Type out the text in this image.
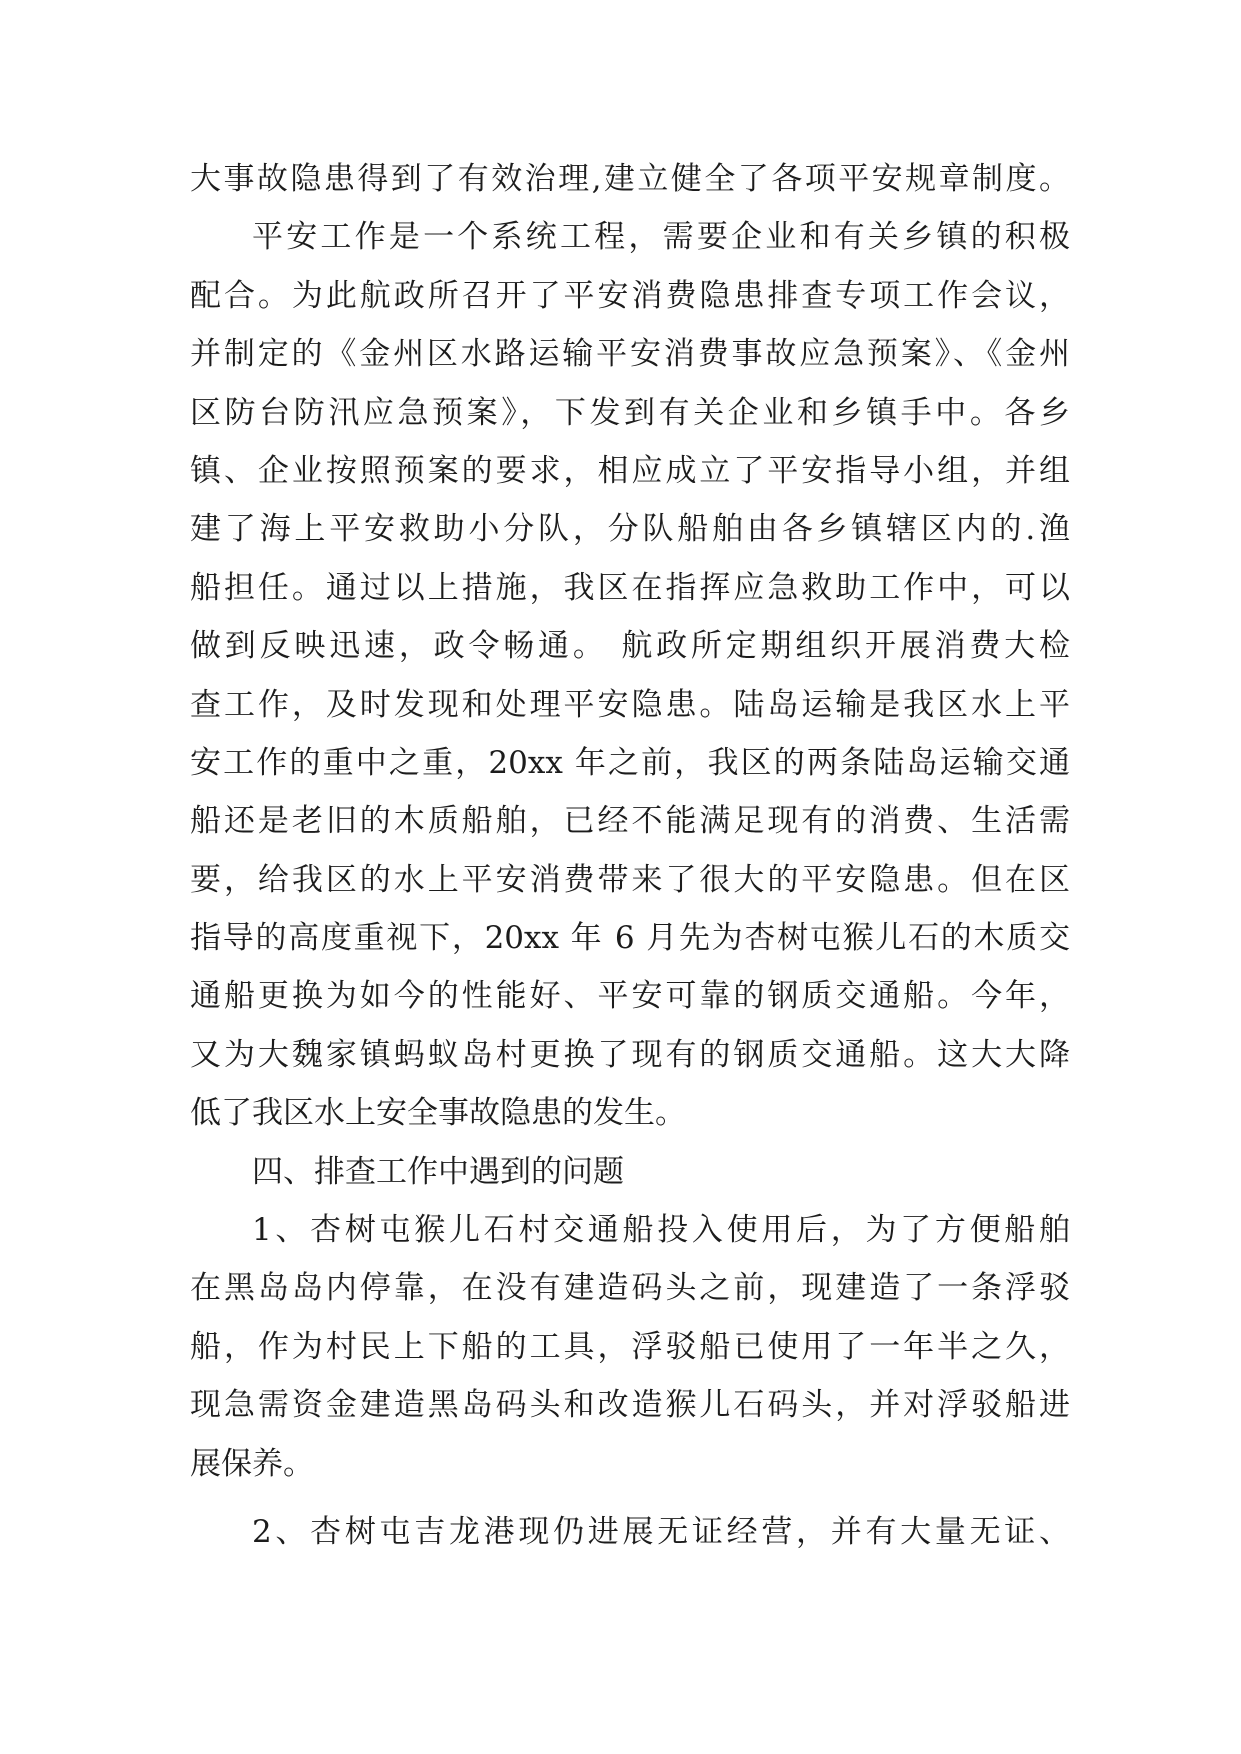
大事故隐患得到了有效治理,建立健全了各项平安规章制度。
平安工作是一个系统工程，需要企业和有关乡镇的积极
配合。为此航政所召开了平安消费隐患排查专项工作会议，
并制定的《金州区水路运输平安消费事故应急预案》、《金州
区防台防汛应急预案》，下发到有关企业和乡镇手中。各乡
镇、企业按照预案的要求，相应成立了平安指导小组，并组
建了海上平安救助小分队，分队船舶由各乡镇辖区内的.渔
船担任。通过以上措施，我区在指挥应急救助工作中，可以
做到反映迅速，政令畅通。 航政所定期组织开展消费大检
查工作，及时发现和处理平安隐患。陆岛运输是我区水上平
安工作的重中之重，20xx 年之前，我区的两条陆岛运输交通
船还是老旧的木质船舶，已经不能满足现有的消费、生活需
要，给我区的水上平安消费带来了很大的平安隐患。但在区
指导的高度重视下，20xx 年 6 月先为杏树屯猴儿石的木质交
通船更换为如今的性能好、平安可靠的钢质交通船。今年，
又为大魏家镇蚂蚁岛村更换了现有的钢质交通船。这大大降
低了我区水上安全事故隐患的发生。
四、排查工作中遇到的问题
1、杏树屯猴儿石村交通船投入使用后，为了方便船舶
在黑岛岛内停靠，在没有建造码头之前，现建造了一条浮驳
船，作为村民上下船的工具，浮驳船已使用了一年半之久，
现急需资金建造黑岛码头和改造猴儿石码头，并对浮驳船进
展保养。
2、杏树屯吉龙港现仍进展无证经营，并有大量无证、
